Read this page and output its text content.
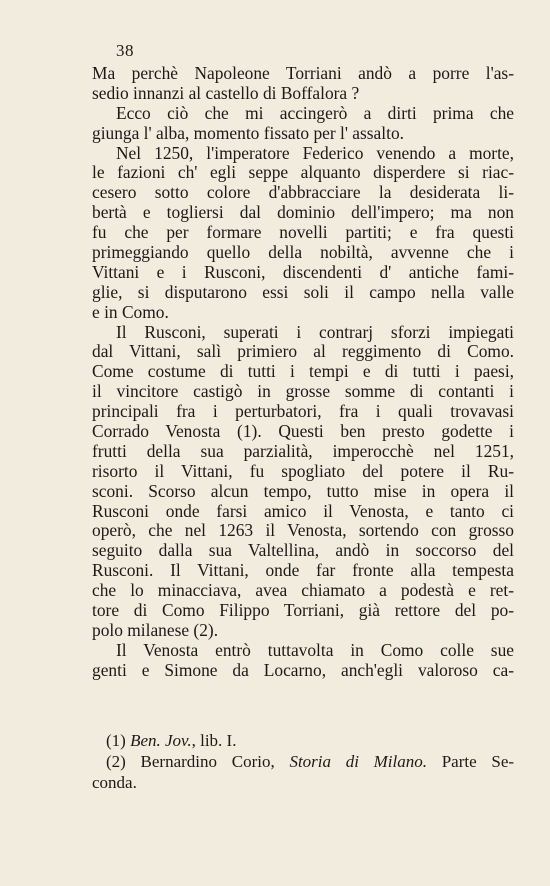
38
Ma perchè Napoleone Torriani andò a porre l'as-
sedio innanzi al castello di Boffalora ?
Ecco ciò che mi accingerò a dirti prima che
giunga l' alba, momento fissato per l' assalto.
Nel 1250, l'imperatore Federico venendo a morte,
le fazioni ch' egli seppe alquanto disperdere si riac-
cesero sotto colore d'abbracciare la desiderata li-
bertà e togliersi dal dominio dell'impero; ma non
fu che per formare novelli partiti; e fra questi
primeggiando quello della nobiltà, avvenne che i
Vittani e i Rusconi, discendenti d' antiche fami-
glie, si disputarono essi soli il campo nella valle
e in Como.
Il Rusconi, superati i contrarj sforzi impiegati
dal Vittani, salì primiero al reggimento di Como.
Come costume di tutti i tempi e di tutti i paesi,
il vincitore castigò in grosse somme di contanti i
principali fra i perturbatori, fra i quali trovavasi
Corrado Venosta (1). Questi ben presto godette i
frutti della sua parzialità, imperocchè nel 1251,
risorto il Vittani, fu spogliato del potere il Ru-
sconi. Scorso alcun tempo, tutto mise in opera il
Rusconi onde farsi amico il Venosta, e tanto ci
operò, che nel 1263 il Venosta, sortendo con grosso
seguito dalla sua Valtellina, andò in soccorso del
Rusconi. Il Vittani, onde far fronte alla tempesta
che lo minacciava, avea chiamato a podestà e ret-
tore di Como Filippo Torriani, già rettore del po-
polo milanese (2).
Il Venosta entrò tuttavolta in Como colle sue
genti e Simone da Locarno, anch'egli valoroso ca-
(1) Ben. Jov., lib. I.
(2) Bernardino Corio, Storia di Milano. Parte Se-
conda.
